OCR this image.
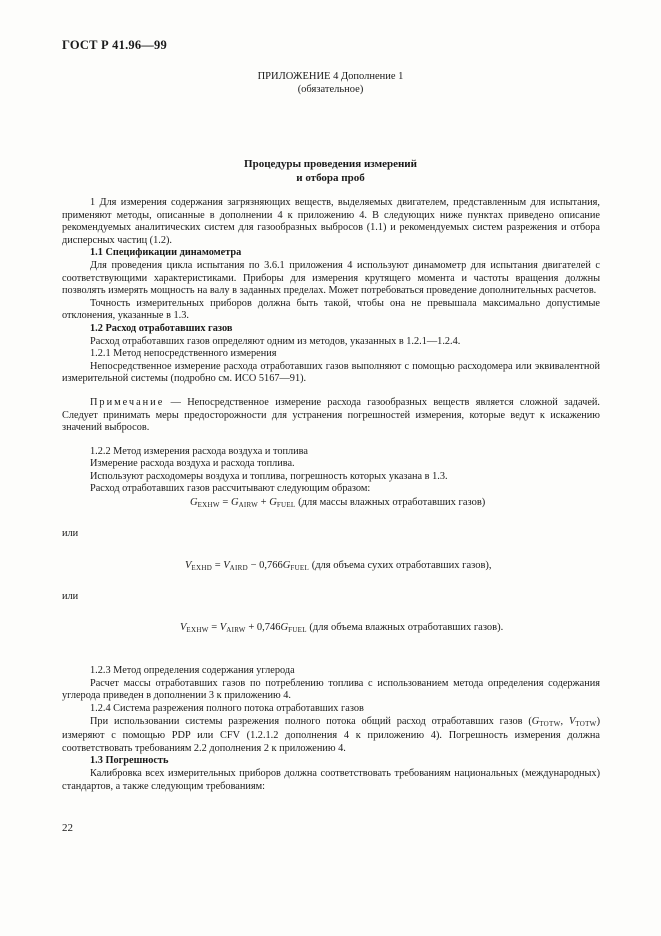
ГОСТ Р 41.96—99
ПРИЛОЖЕНИЕ 4 Дополнение 1
(обязательное)
Процедуры проведения измерений
и отбора проб

1 Для измерения содержания загрязняющих веществ, выделяемых двигателем, представленным для испытания, применяют методы, описанные в дополнении 4 к приложению 4. В следующих ниже пунктах приведено описание рекомендуемых аналитических систем для газообразных выбросов (1.1) и рекомендуемых систем разрежения и отбора дисперсных частиц (1.2).

1.1 Спецификации динамометра

Для проведения цикла испытания по 3.6.1 приложения 4 используют динамометр для испытания двигателей с соответствующими характеристиками. Приборы для измерения крутящего момента и частоты вращения должны позволять измерять мощность на валу в заданных пределах. Может потребоваться проведение дополнительных расчетов.

Точность измерительных приборов должна быть такой, чтобы она не превышала максимально допустимые отклонения, указанные в 1.3.

1.2 Расход отработавших газов

Расход отработавших газов определяют одним из методов, указанных в 1.2.1—1.2.4.

1.2.1 Метод непосредственного измерения

Непосредственное измерение расхода отработавших газов выполняют с помощью расходомера или эквивалентной измерительной системы (подробно см. ИСО 5167—91).

Примечание — Непосредственное измерение расхода газообразных веществ является сложной задачей. Следует принимать меры предосторожности для устранения погрешностей измерения, которые ведут к искажению значений выбросов.

1.2.2 Метод измерения расхода воздуха и топлива

Измерение расхода воздуха и расхода топлива.

Используют расходомеры воздуха и топлива, погрешность которых указана в 1.3.

Расход отработавших газов рассчитывают следующим образом:

$G_{EXHW} = G_{AIRW} + G_{FUEL}$ (для массы влажных отработавших газов)

или

$V_{EXHD} = V_{AIRD} - 0,766G_{FUEL}$ (для объема сухих отработавших газов),

или

$V_{EXHW} = V_{AIRW} + 0,746G_{FUEL}$ (для объема влажных отработавших газов).

1.2.3 Метод определения содержания углерода

Расчет массы отработавших газов по потреблению топлива с использованием метода определения содержания углерода приведен в дополнении 3 к приложению 4.

1.2.4 Система разрежения полного потока отработавших газов

При использовании системы разрежения полного потока общий расход отработавших газов ($G_{TOTW}$, $V_{TOTW}$) измеряют с помощью PDP или CFV (1.2.1.2 дополнения 4 к приложению 4). Погрешность измерения должна соответствовать требованиям 2.2 дополнения 2 к приложению 4.

1.3 Погрешность

Калибровка всех измерительных приборов должна соответствовать требованиям национальных (международных) стандартов, а также следующим требованиям:

22
